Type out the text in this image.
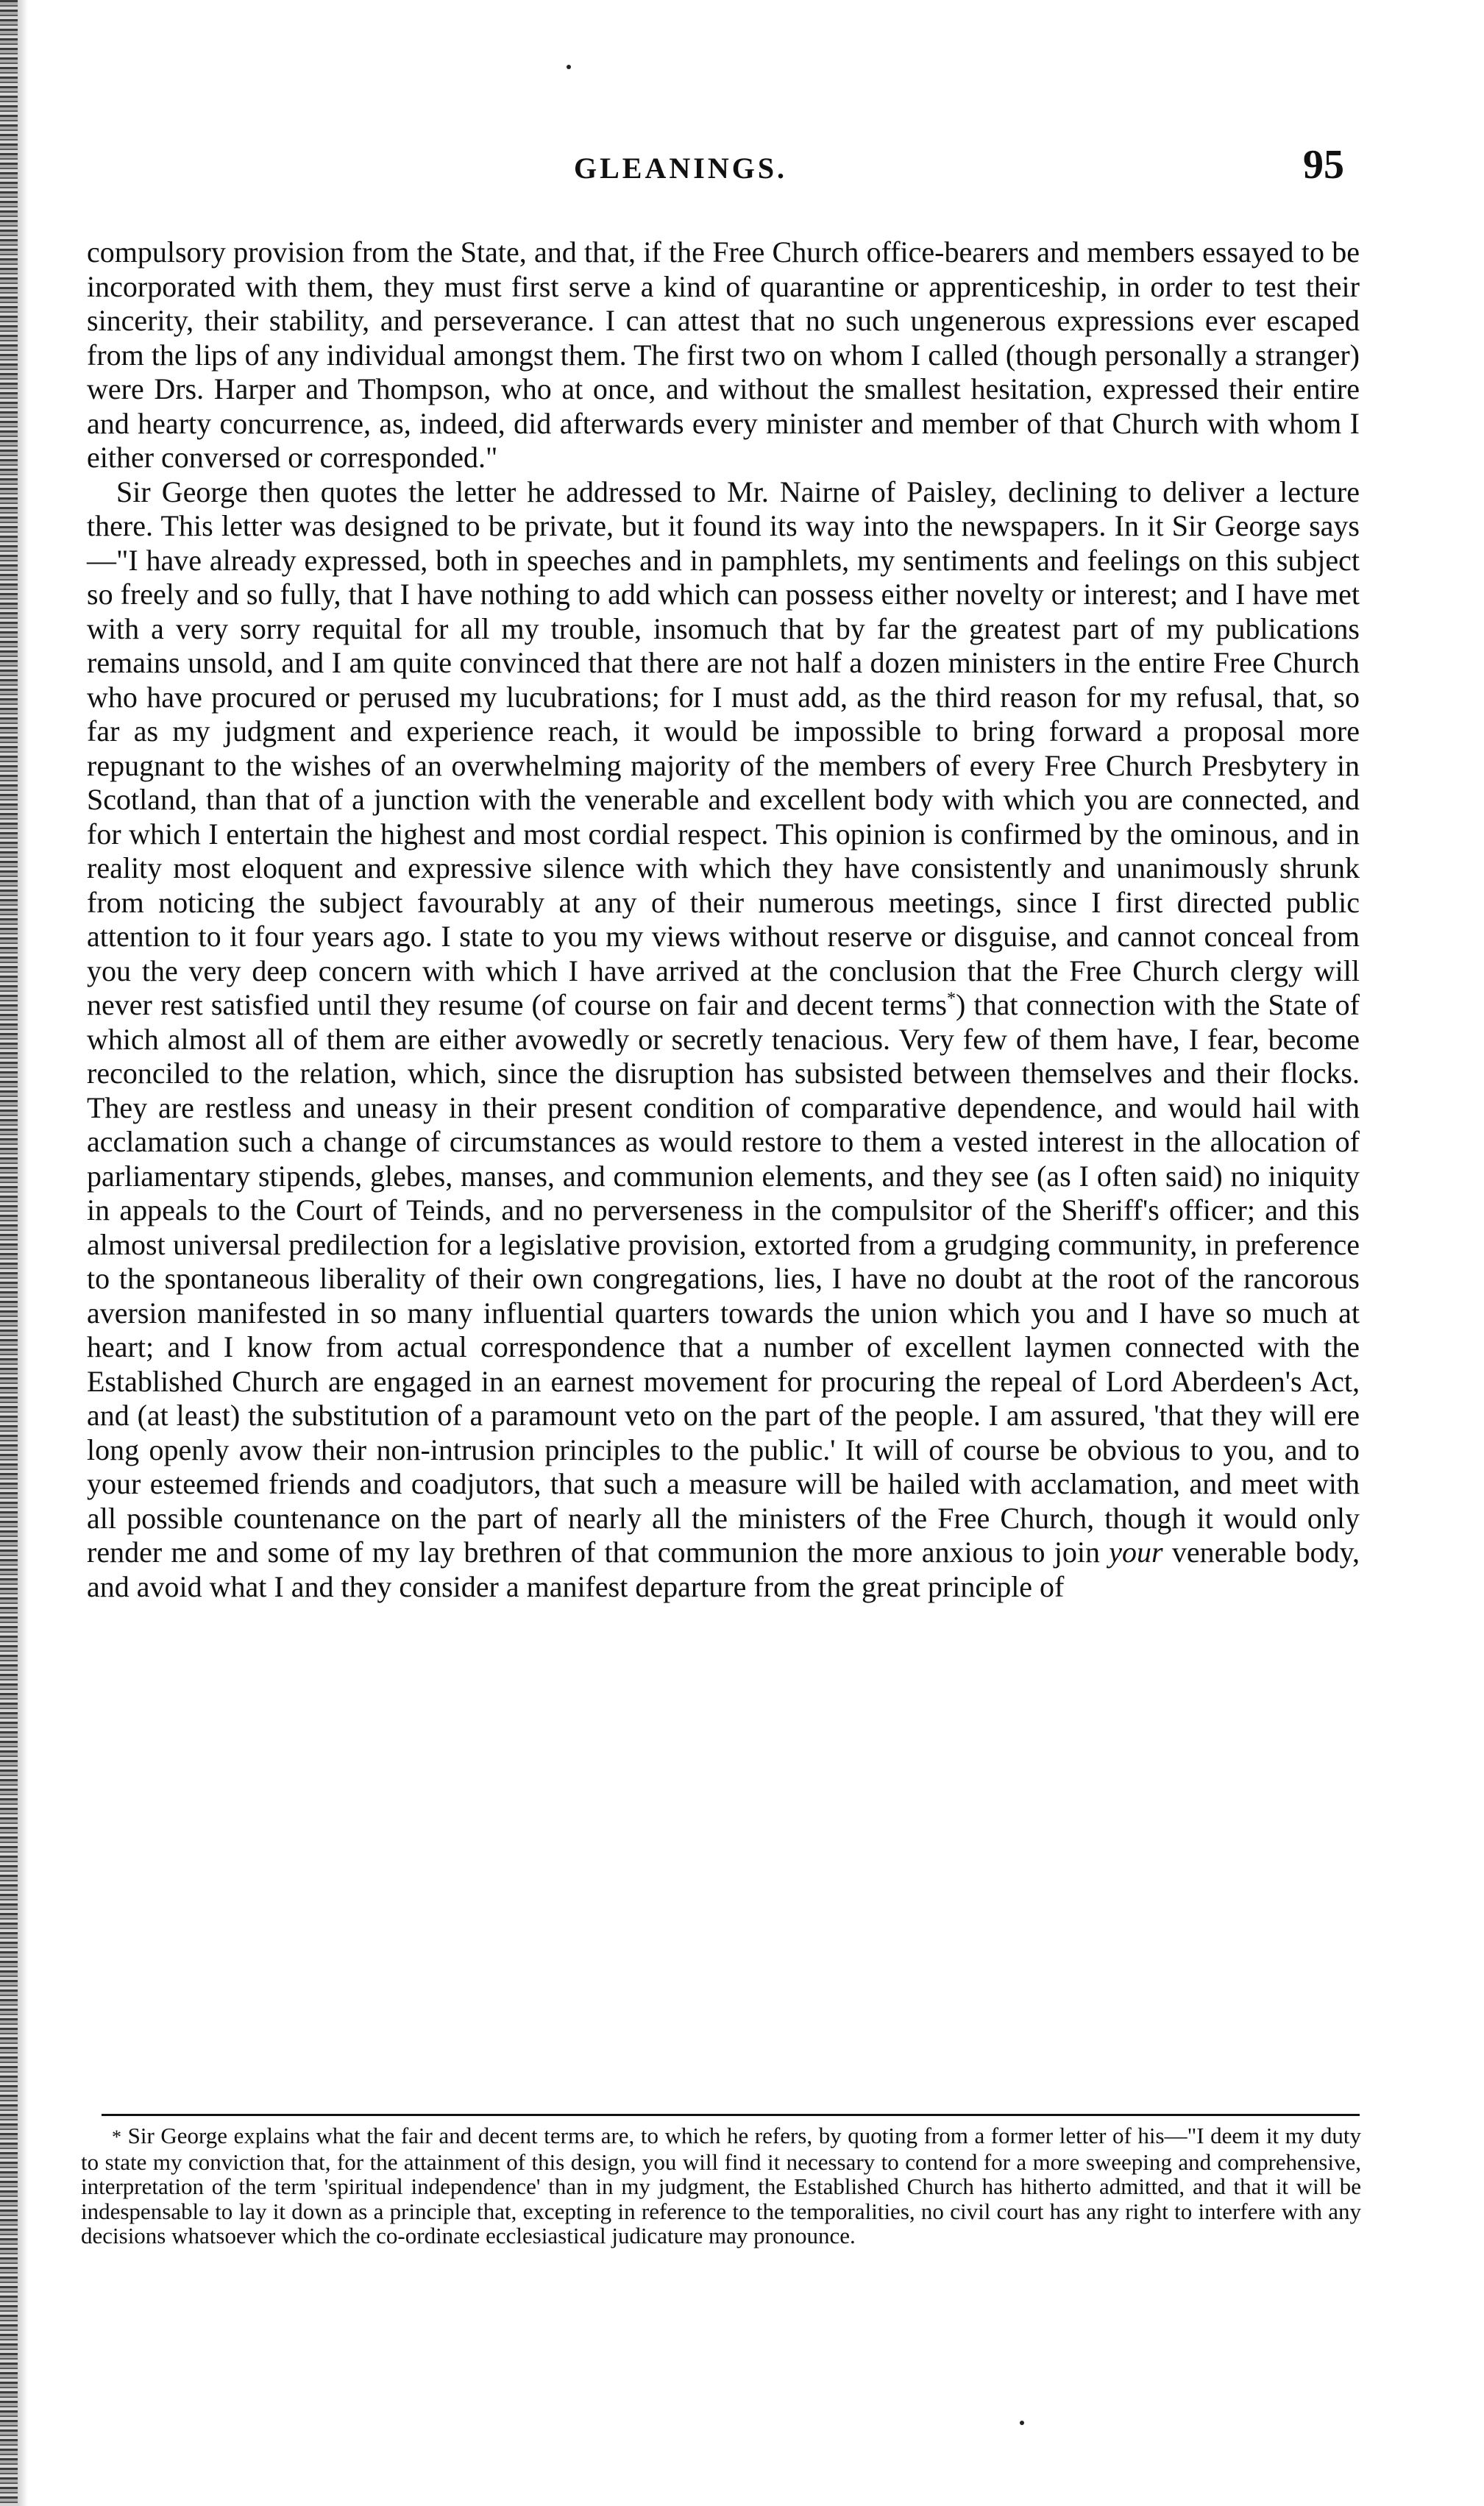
GLEANINGS.	95

compulsory provision from the State, and that, if the Free Church office-bearers and members essayed to be incorporated with them, they must first serve a kind of quarantine or apprenticeship, in order to test their sincerity, their stability, and perseverance. I can attest that no such ungenerous expressions ever escaped from the lips of any individual amongst them. The first two on whom I called (though personally a stranger) were Drs. Harper and Thompson, who at once, and without the smallest hesitation, expressed their entire and hearty concurrence, as, indeed, did afterwards every minister and member of that Church with whom I either conversed or corresponded."

Sir George then quotes the letter he addressed to Mr. Nairne of Paisley, declining to deliver a lecture there. This letter was designed to be private, but it found its way into the newspapers. In it Sir George says—"I have already expressed, both in speeches and in pamphlets, my sentiments and feelings on this subject so freely and so fully, that I have nothing to add which can possess either novelty or interest; and I have met with a very sorry requital for all my trouble, insomuch that by far the greatest part of my publications remains unsold, and I am quite convinced that there are not half a dozen ministers in the entire Free Church who have procured or perused my lucubrations; for I must add, as the third reason for my refusal, that, so far as my judgment and experience reach, it would be impossible to bring forward a proposal more repugnant to the wishes of an overwhelming majority of the members of every Free Church Presbytery in Scotland, than that of a junction with the venerable and excellent body with which you are connected, and for which I entertain the highest and most cordial respect. This opinion is confirmed by the ominous, and in reality most eloquent and expressive silence with which they have consistently and unanimously shrunk from noticing the subject favourably at any of their numerous meetings, since I first directed public attention to it four years ago. I state to you my views without reserve or disguise, and cannot conceal from you the very deep concern with which I have arrived at the conclusion that the Free Church clergy will never rest satisfied until they resume (of course on fair and decent terms*) that connection with the State of which almost all of them are either avowedly or secretly tenacious. Very few of them have, I fear, become reconciled to the relation, which, since the disruption has subsisted between themselves and their flocks. They are restless and uneasy in their present condition of comparative dependence, and would hail with acclamation such a change of circumstances as would restore to them a vested interest in the allocation of parliamentary stipends, glebes, manses, and communion elements, and they see (as I often said) no iniquity in appeals to the Court of Teinds, and no perverseness in the compulsitor of the Sheriff's officer; and this almost universal predilection for a legislative provision, extorted from a grudging community, in preference to the spontaneous liberality of their own congregations, lies, I have no doubt at the root of the rancorous aversion manifested in so many influential quarters towards the union which you and I have so much at heart; and I know from actual correspondence that a number of excellent laymen connected with the Established Church are engaged in an earnest movement for procuring the repeal of Lord Aberdeen's Act, and (at least) the substitution of a paramount veto on the part of the people. I am assured, 'that they will ere long openly avow their non-intrusion principles to the public.' It will of course be obvious to you, and to your esteemed friends and coadjutors, that such a measure will be hailed with acclamation, and meet with all possible countenance on the part of nearly all the ministers of the Free Church, though it would only render me and some of my lay brethren of that communion the more anxious to join your venerable body, and avoid what I and they consider a manifest departure from the great principle of

* Sir George explains what the fair and decent terms are, to which he refers, by quoting from a former letter of his—"I deem it my duty to state my conviction that, for the attainment of this design, you will find it necessary to contend for a more sweeping and comprehensive, interpretation of the term 'spiritual independence' than in my judgment, the Established Church has hitherto admitted, and that it will be indespensable to lay it down as a principle that, excepting in reference to the temporalities, no civil court has any right to interfere with any decisions whatsoever which the co-ordinate ecclesiastical judicature may pronounce.
